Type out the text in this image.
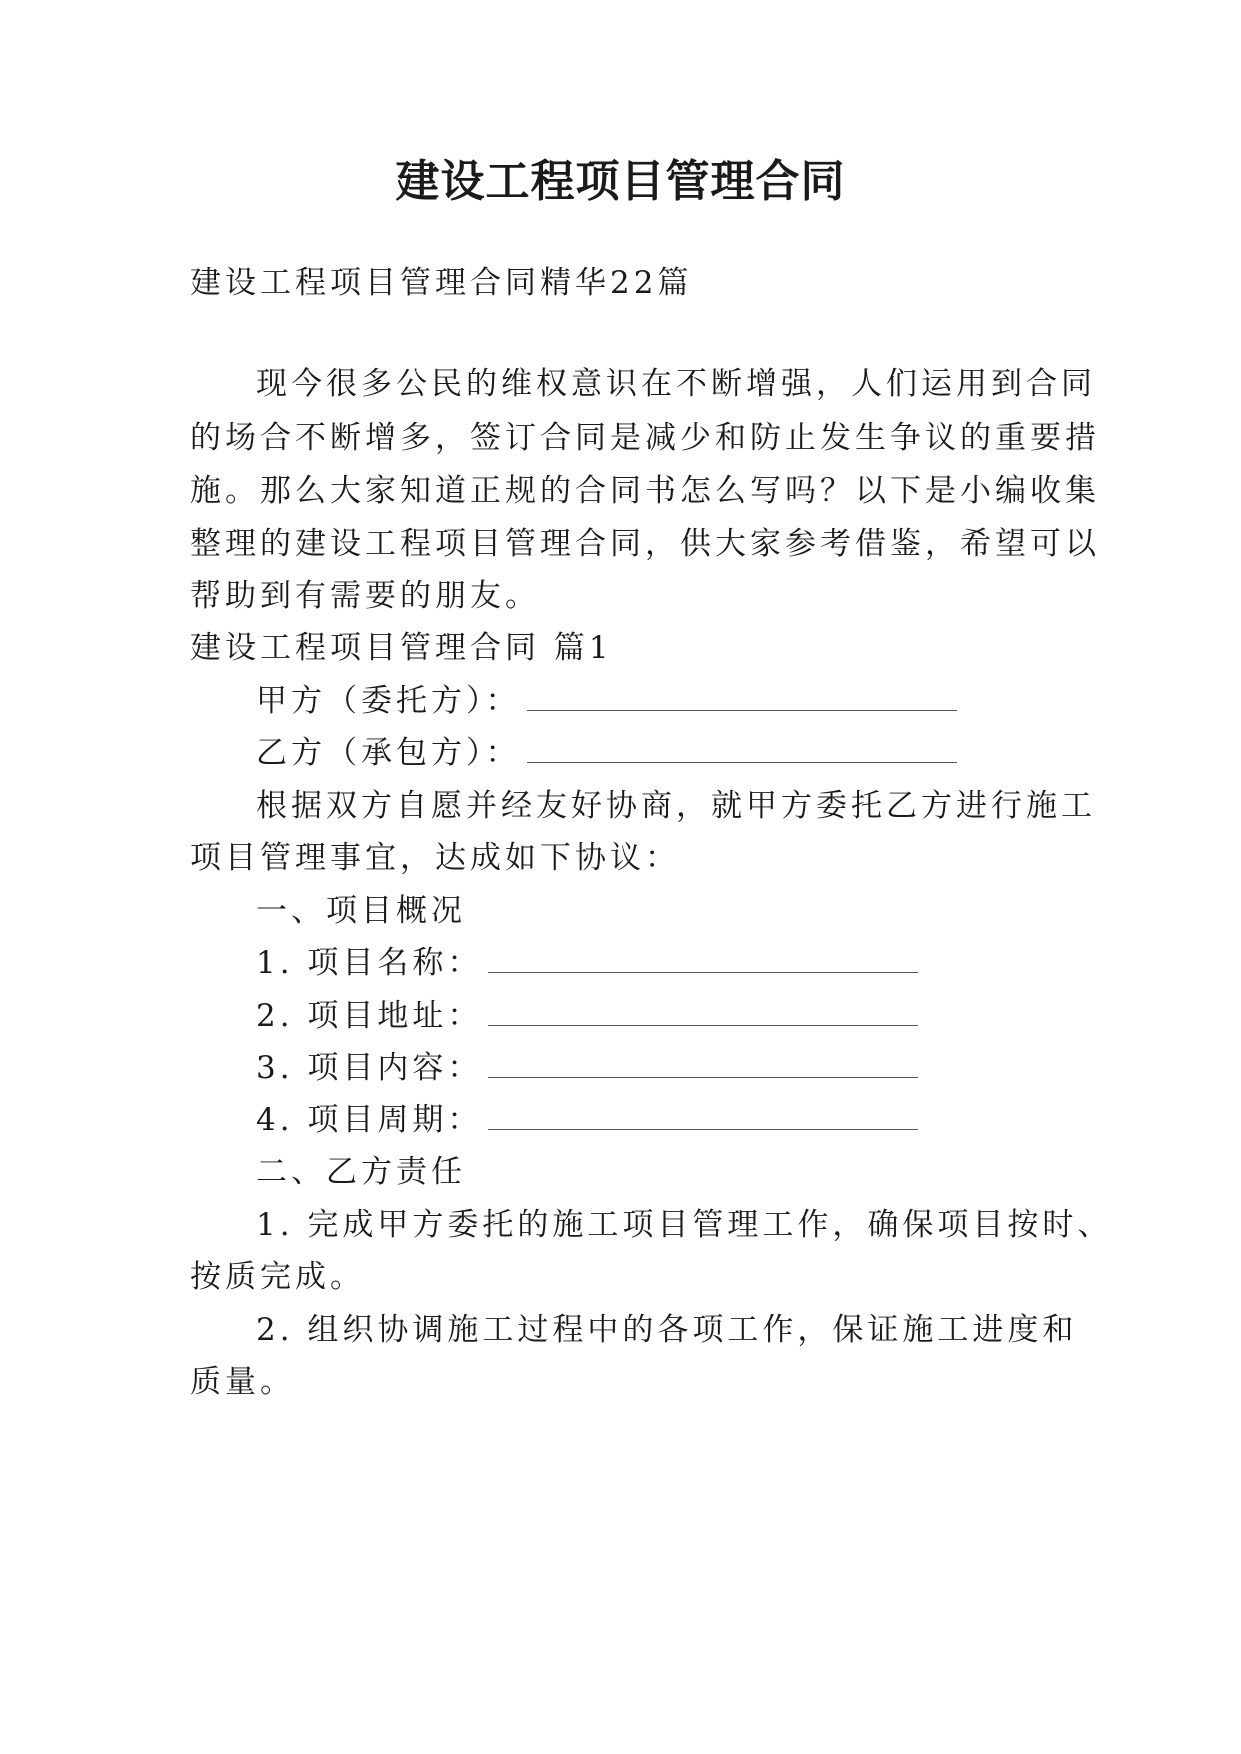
建设工程项目管理合同
建设工程项目管理合同精华22篇
现今很多公民的维权意识在不断增强，人们运用到合同
的场合不断增多，签订合同是减少和防止发生争议的重要措
施。那么大家知道正规的合同书怎么写吗？以下是小编收集
整理的建设工程项目管理合同，供大家参考借鉴，希望可以
帮助到有需要的朋友。
建设工程项目管理合同 篇1
甲方（委托方）：
乙方（承包方）：
根据双方自愿并经友好协商，就甲方委托乙方进行施工
项目管理事宜，达成如下协议：
一、项目概况
1. 项目名称：
2. 项目地址：
3. 项目内容：
4. 项目周期：
二、乙方责任
1. 完成甲方委托的施工项目管理工作，确保项目按时、
按质完成。
2. 组织协调施工过程中的各项工作，保证施工进度和
质量。
